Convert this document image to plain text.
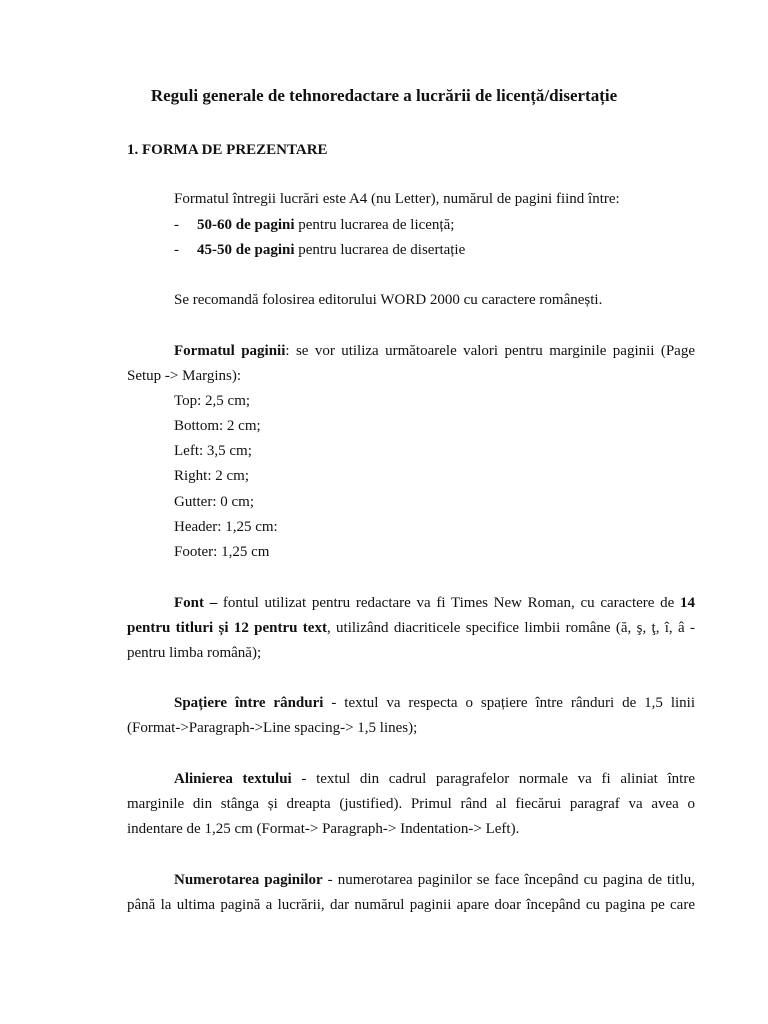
Reguli generale de tehnoredactare a lucrării de licență/disertație
1. FORMA DE PREZENTARE
Formatul întregii lucrări este A4 (nu Letter), numărul de pagini fiind între:
- 50-60 de pagini pentru lucrarea de licență;
- 45-50 de pagini pentru lucrarea de disertație
Se recomandă folosirea editorului WORD 2000 cu caractere românești.
Formatul paginii: se vor utiliza următoarele valori pentru marginile paginii (Page
Setup -> Margins):
Top: 2,5 cm;
Bottom: 2 cm;
Left: 3,5 cm;
Right: 2 cm;
Gutter: 0 cm;
Header: 1,25 cm:
Footer: 1,25 cm
Font – fontul utilizat pentru redactare va fi Times New Roman, cu caractere de 14
pentru titluri și 12 pentru text, utilizând diacriticele specifice limbii române (ă, ş, ţ, î, â -
pentru limba română);
Spațiere între rânduri - textul va respecta o spațiere între rânduri de 1,5 linii
(Format->Paragraph->Line spacing-> 1,5 lines);
Alinierea textului - textul din cadrul paragrafelor normale va fi aliniat între
marginile din stânga și dreapta (justified). Primul rând al fiecărui paragraf va avea o
indentare de 1,25 cm (Format-> Paragraph-> Indentation-> Left).
Numerotarea paginilor - numerotarea paginilor se face începând cu pagina de titlu,
până la ultima pagină a lucrării, dar numărul paginii apare doar începând cu pagina pe care
